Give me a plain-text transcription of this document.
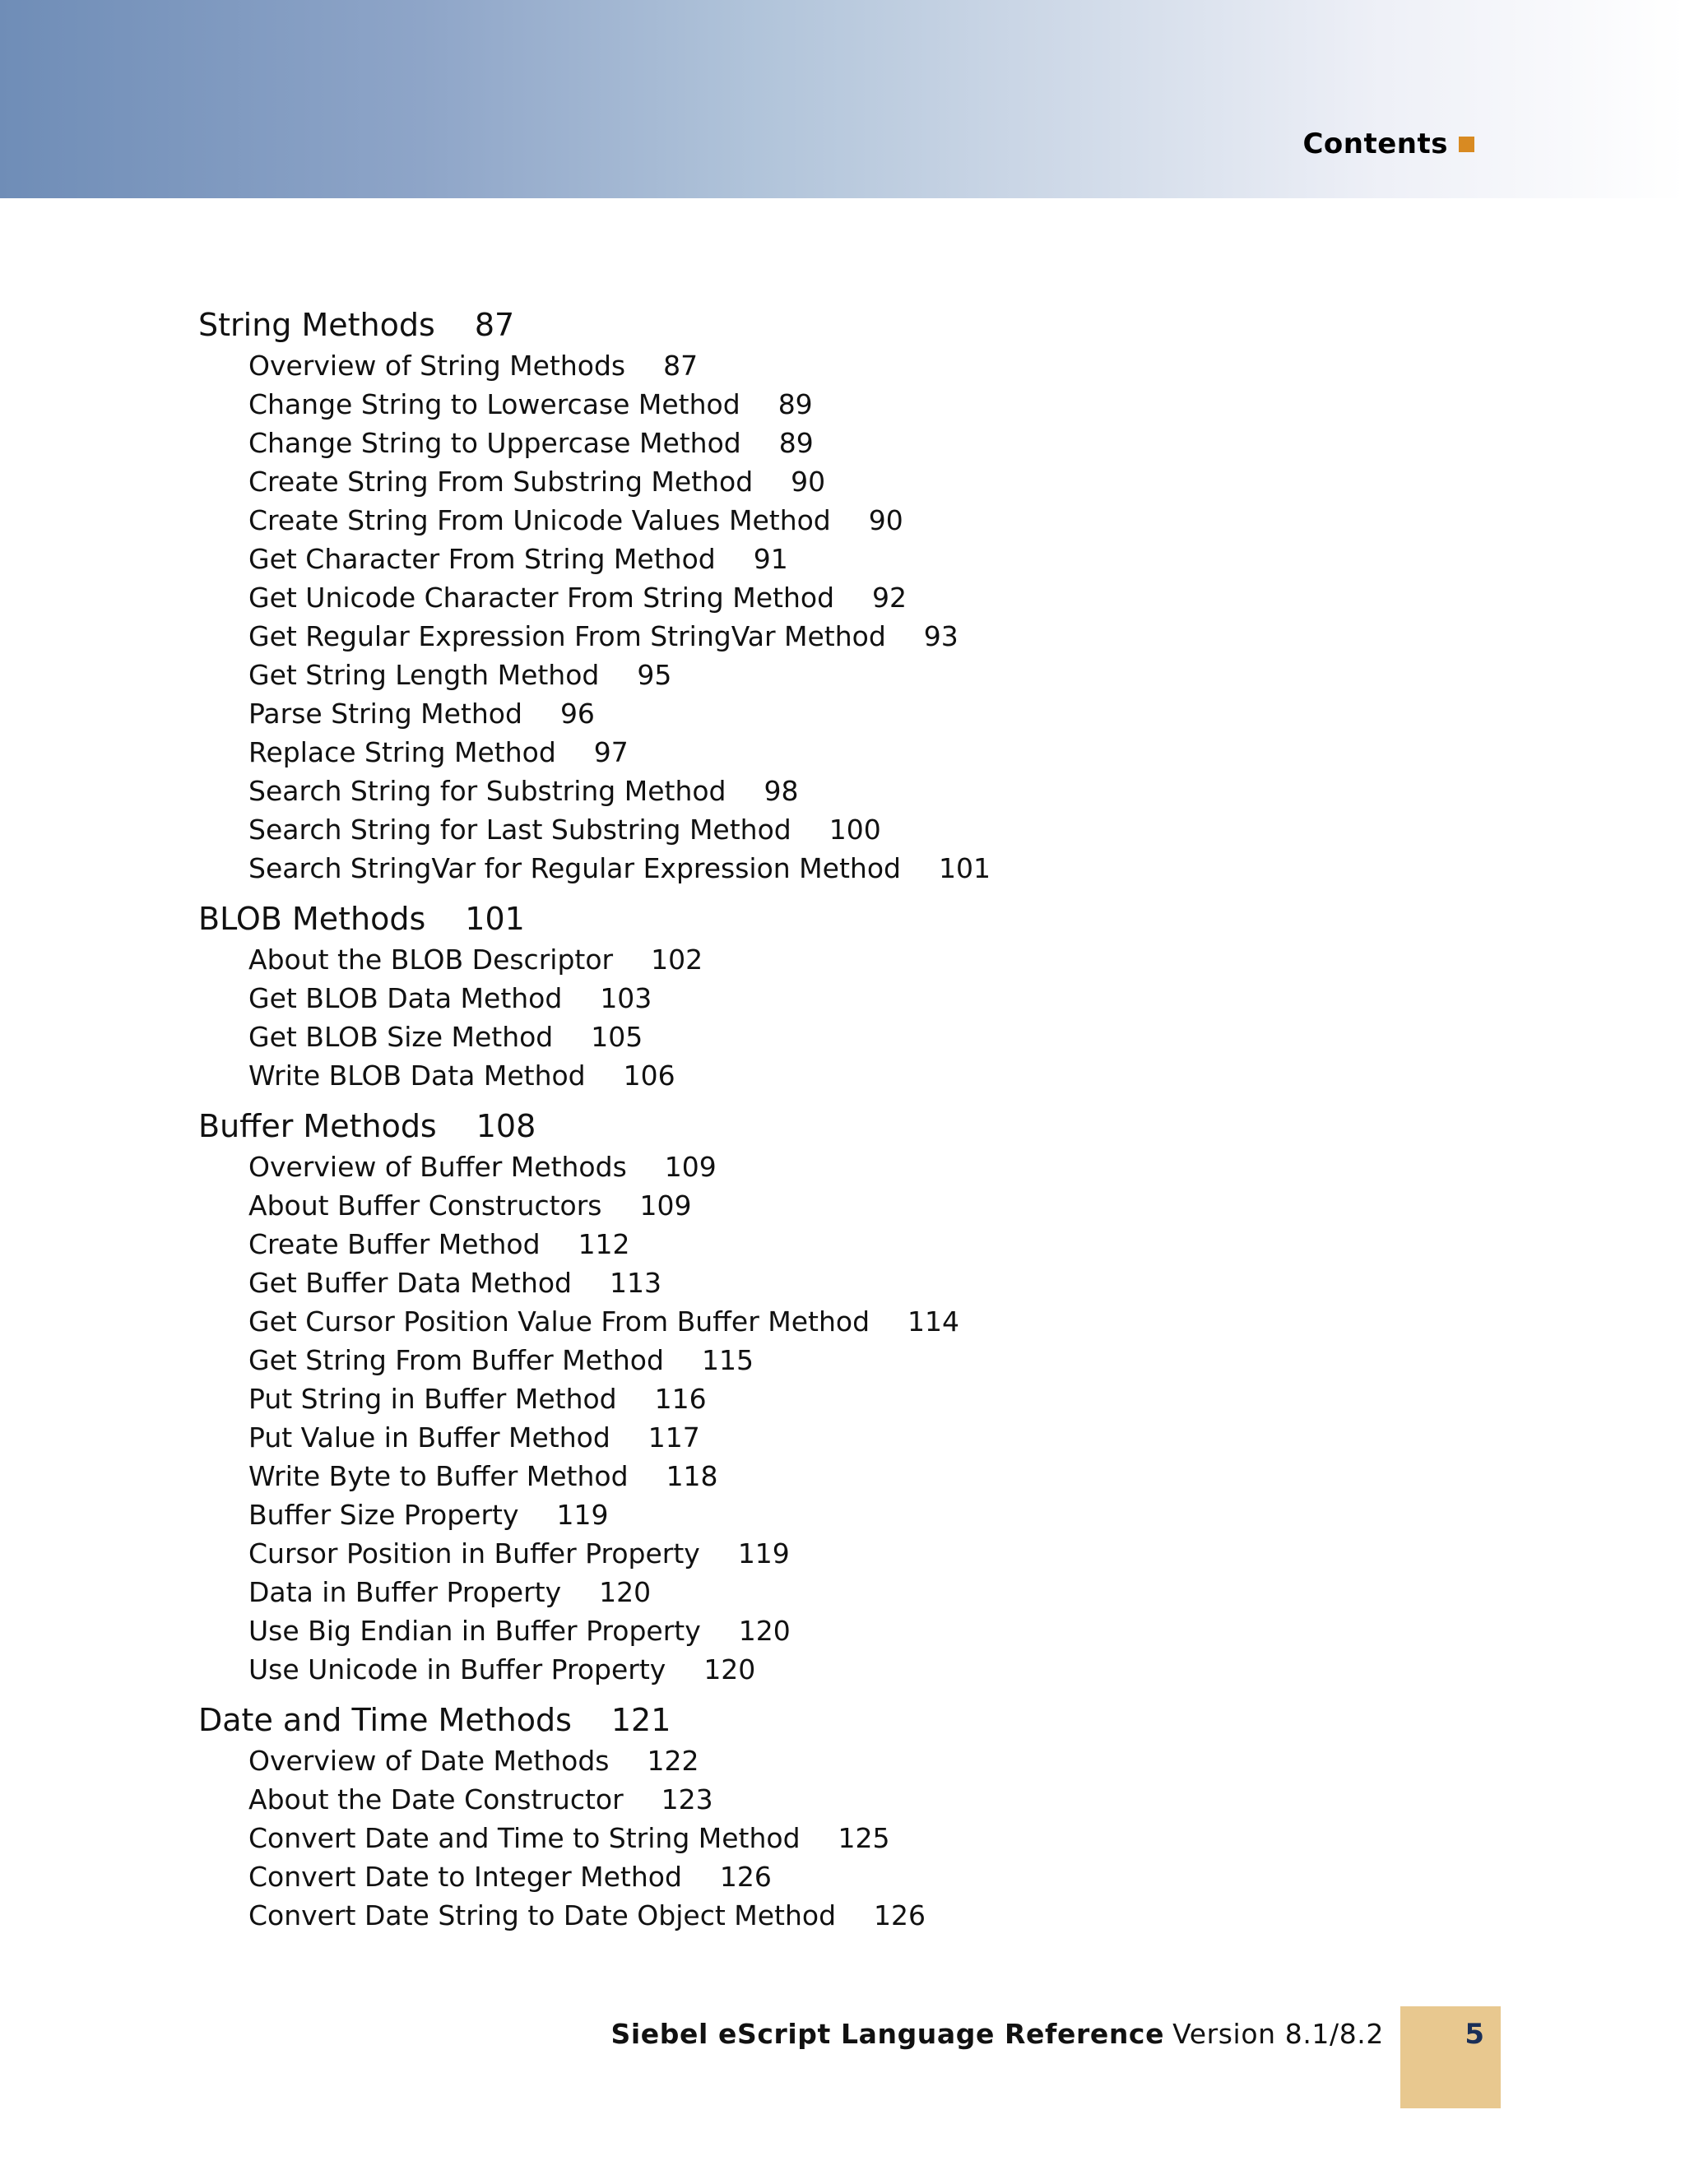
Contents
String Methods 87
Overview of String Methods 87
Change String to Lowercase Method 89
Change String to Uppercase Method 89
Create String From Substring Method 90
Create String From Unicode Values Method 90
Get Character From String Method 91
Get Unicode Character From String Method 92
Get Regular Expression From StringVar Method 93
Get String Length Method 95
Parse String Method 96
Replace String Method 97
Search String for Substring Method 98
Search String for Last Substring Method 100
Search StringVar for Regular Expression Method 101
BLOB Methods 101
About the BLOB Descriptor 102
Get BLOB Data Method 103
Get BLOB Size Method 105
Write BLOB Data Method 106
Buffer Methods 108
Overview of Buffer Methods 109
About Buffer Constructors 109
Create Buffer Method 112
Get Buffer Data Method 113
Get Cursor Position Value From Buffer Method 114
Get String From Buffer Method 115
Put String in Buffer Method 116
Put Value in Buffer Method 117
Write Byte to Buffer Method 118
Buffer Size Property 119
Cursor Position in Buffer Property 119
Data in Buffer Property 120
Use Big Endian in Buffer Property 120
Use Unicode in Buffer Property 120
Date and Time Methods 121
Overview of Date Methods 122
About the Date Constructor 123
Convert Date and Time to String Method 125
Convert Date to Integer Method 126
Convert Date String to Date Object Method 126
Siebel eScript Language Reference Version 8.1/8.2	5
